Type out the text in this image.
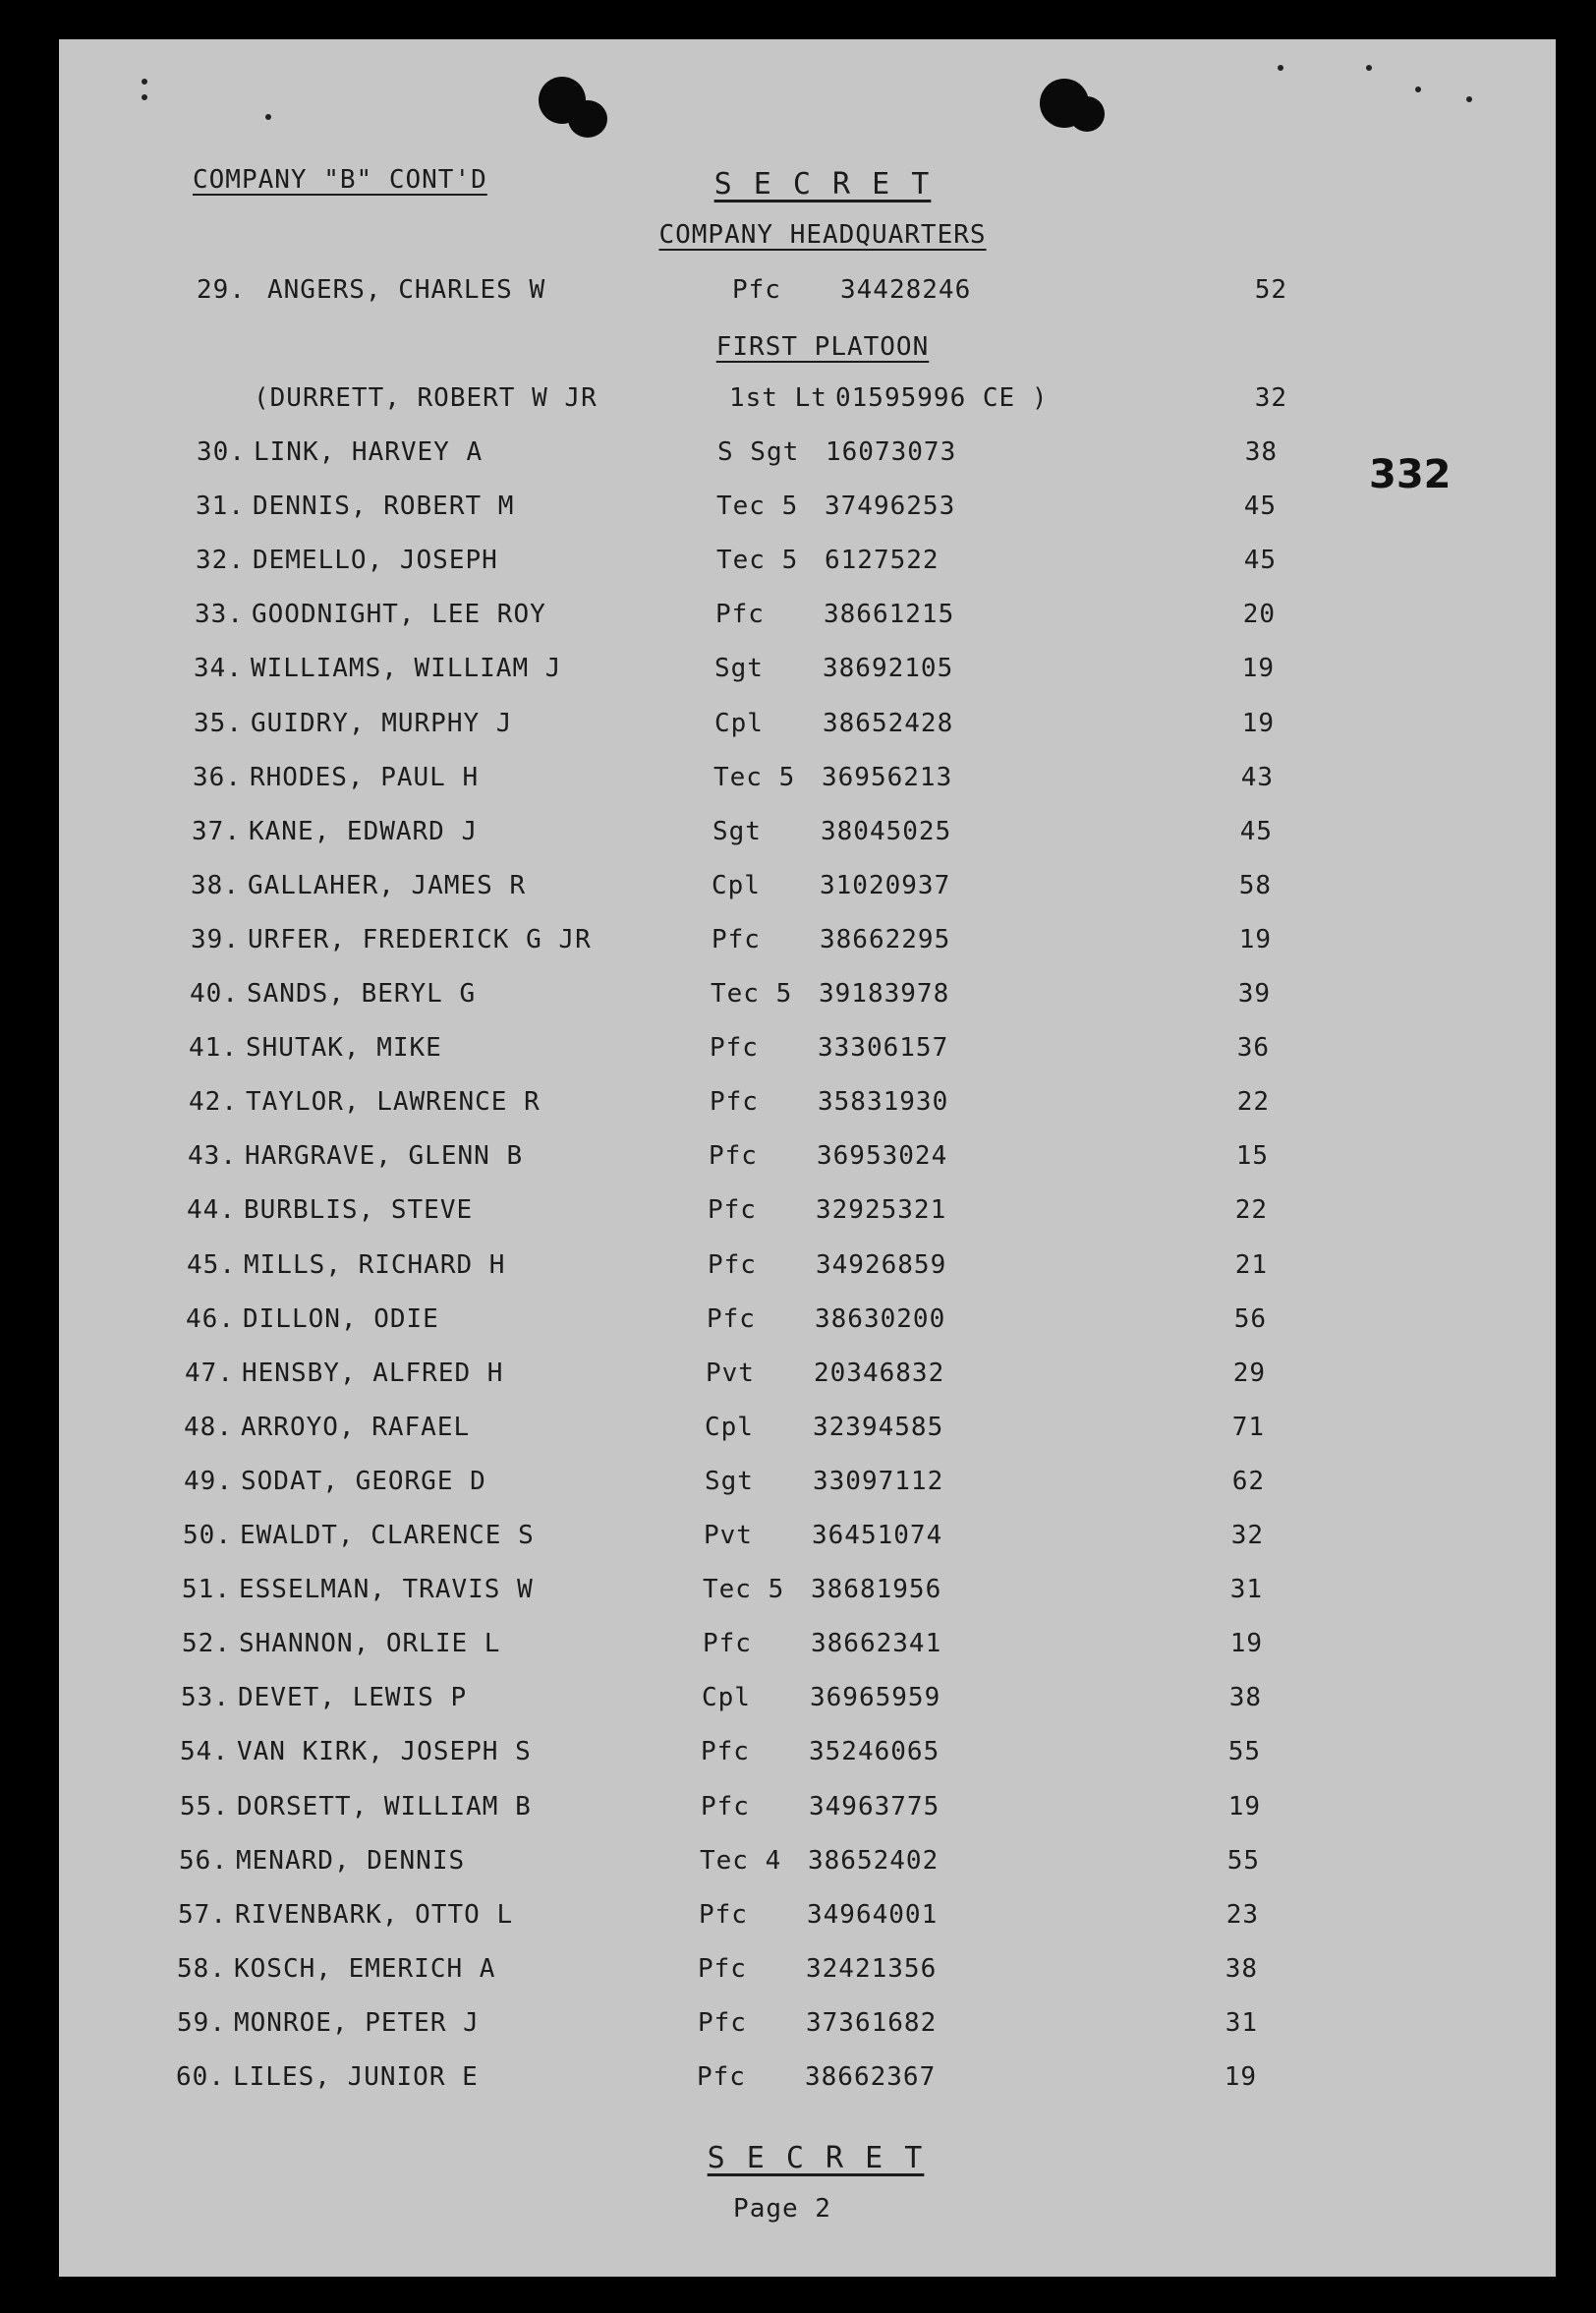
COMPANY "B" CONT'D	S E C R E T
COMPANY HEADQUARTERS
29. ANGERS, CHARLES W	Pfc 34428246	52
FIRST PLATOON
(DURRETT, ROBERT W JR	1st Lt 01595996 CE )	32
332
30. LINK, HARVEY A	S Sgt 16073073	38
31. DENNIS, ROBERT M	Tec 5 37496253	45
32. DEMELLO, JOSEPH	Tec 5 6127522	45
33. GOODNIGHT, LEE ROY	Pfc 38661215	20
34. WILLIAMS, WILLIAM J	Sgt 38692105	19
35. GUIDRY, MURPHY J	Cpl 38652428	19
36. RHODES, PAUL H	Tec 5 36956213	43
37. KANE, EDWARD J	Sgt 38045025	45
38. GALLAHER, JAMES R	Cpl 31020937	58
39. URFER, FREDERICK G JR	Pfc 38662295	19
40. SANDS, BERYL G	Tec 5 39183978	39
41. SHUTAK, MIKE	Pfc 33306157	36
42. TAYLOR, LAWRENCE R	Pfc 35831930	22
43. HARGRAVE, GLENN B	Pfc 36953024	15
44. BURBLIS, STEVE	Pfc 32925321	22
45. MILLS, RICHARD H	Pfc 34926859	21
46. DILLON, ODIE	Pfc 38630200	56
47. HENSBY, ALFRED H	Pvt 20346832	29
48. ARROYO, RAFAEL	Cpl 32394585	71
49. SODAT, GEORGE D	Sgt 33097112	62
50. EWALDT, CLARENCE S	Pvt 36451074	32
51. ESSELMAN, TRAVIS W	Tec 5 38681956	31
52. SHANNON, ORLIE L	Pfc 38662341	19
53. DEVET, LEWIS P	Cpl 36965959	38
54. VAN KIRK, JOSEPH S	Pfc 35246065	55
55. DORSETT, WILLIAM B	Pfc 34963775	19
56. MENARD, DENNIS	Tec 4 38652402	55
57. RIVENBARK, OTTO L	Pfc 34964001	23
58. KOSCH, EMERICH A	Pfc 32421356	38
59. MONROE, PETER J	Pfc 37361682	31
60. LILES, JUNIOR E	Pfc 38662367	19
S E C R E T
Page 2
